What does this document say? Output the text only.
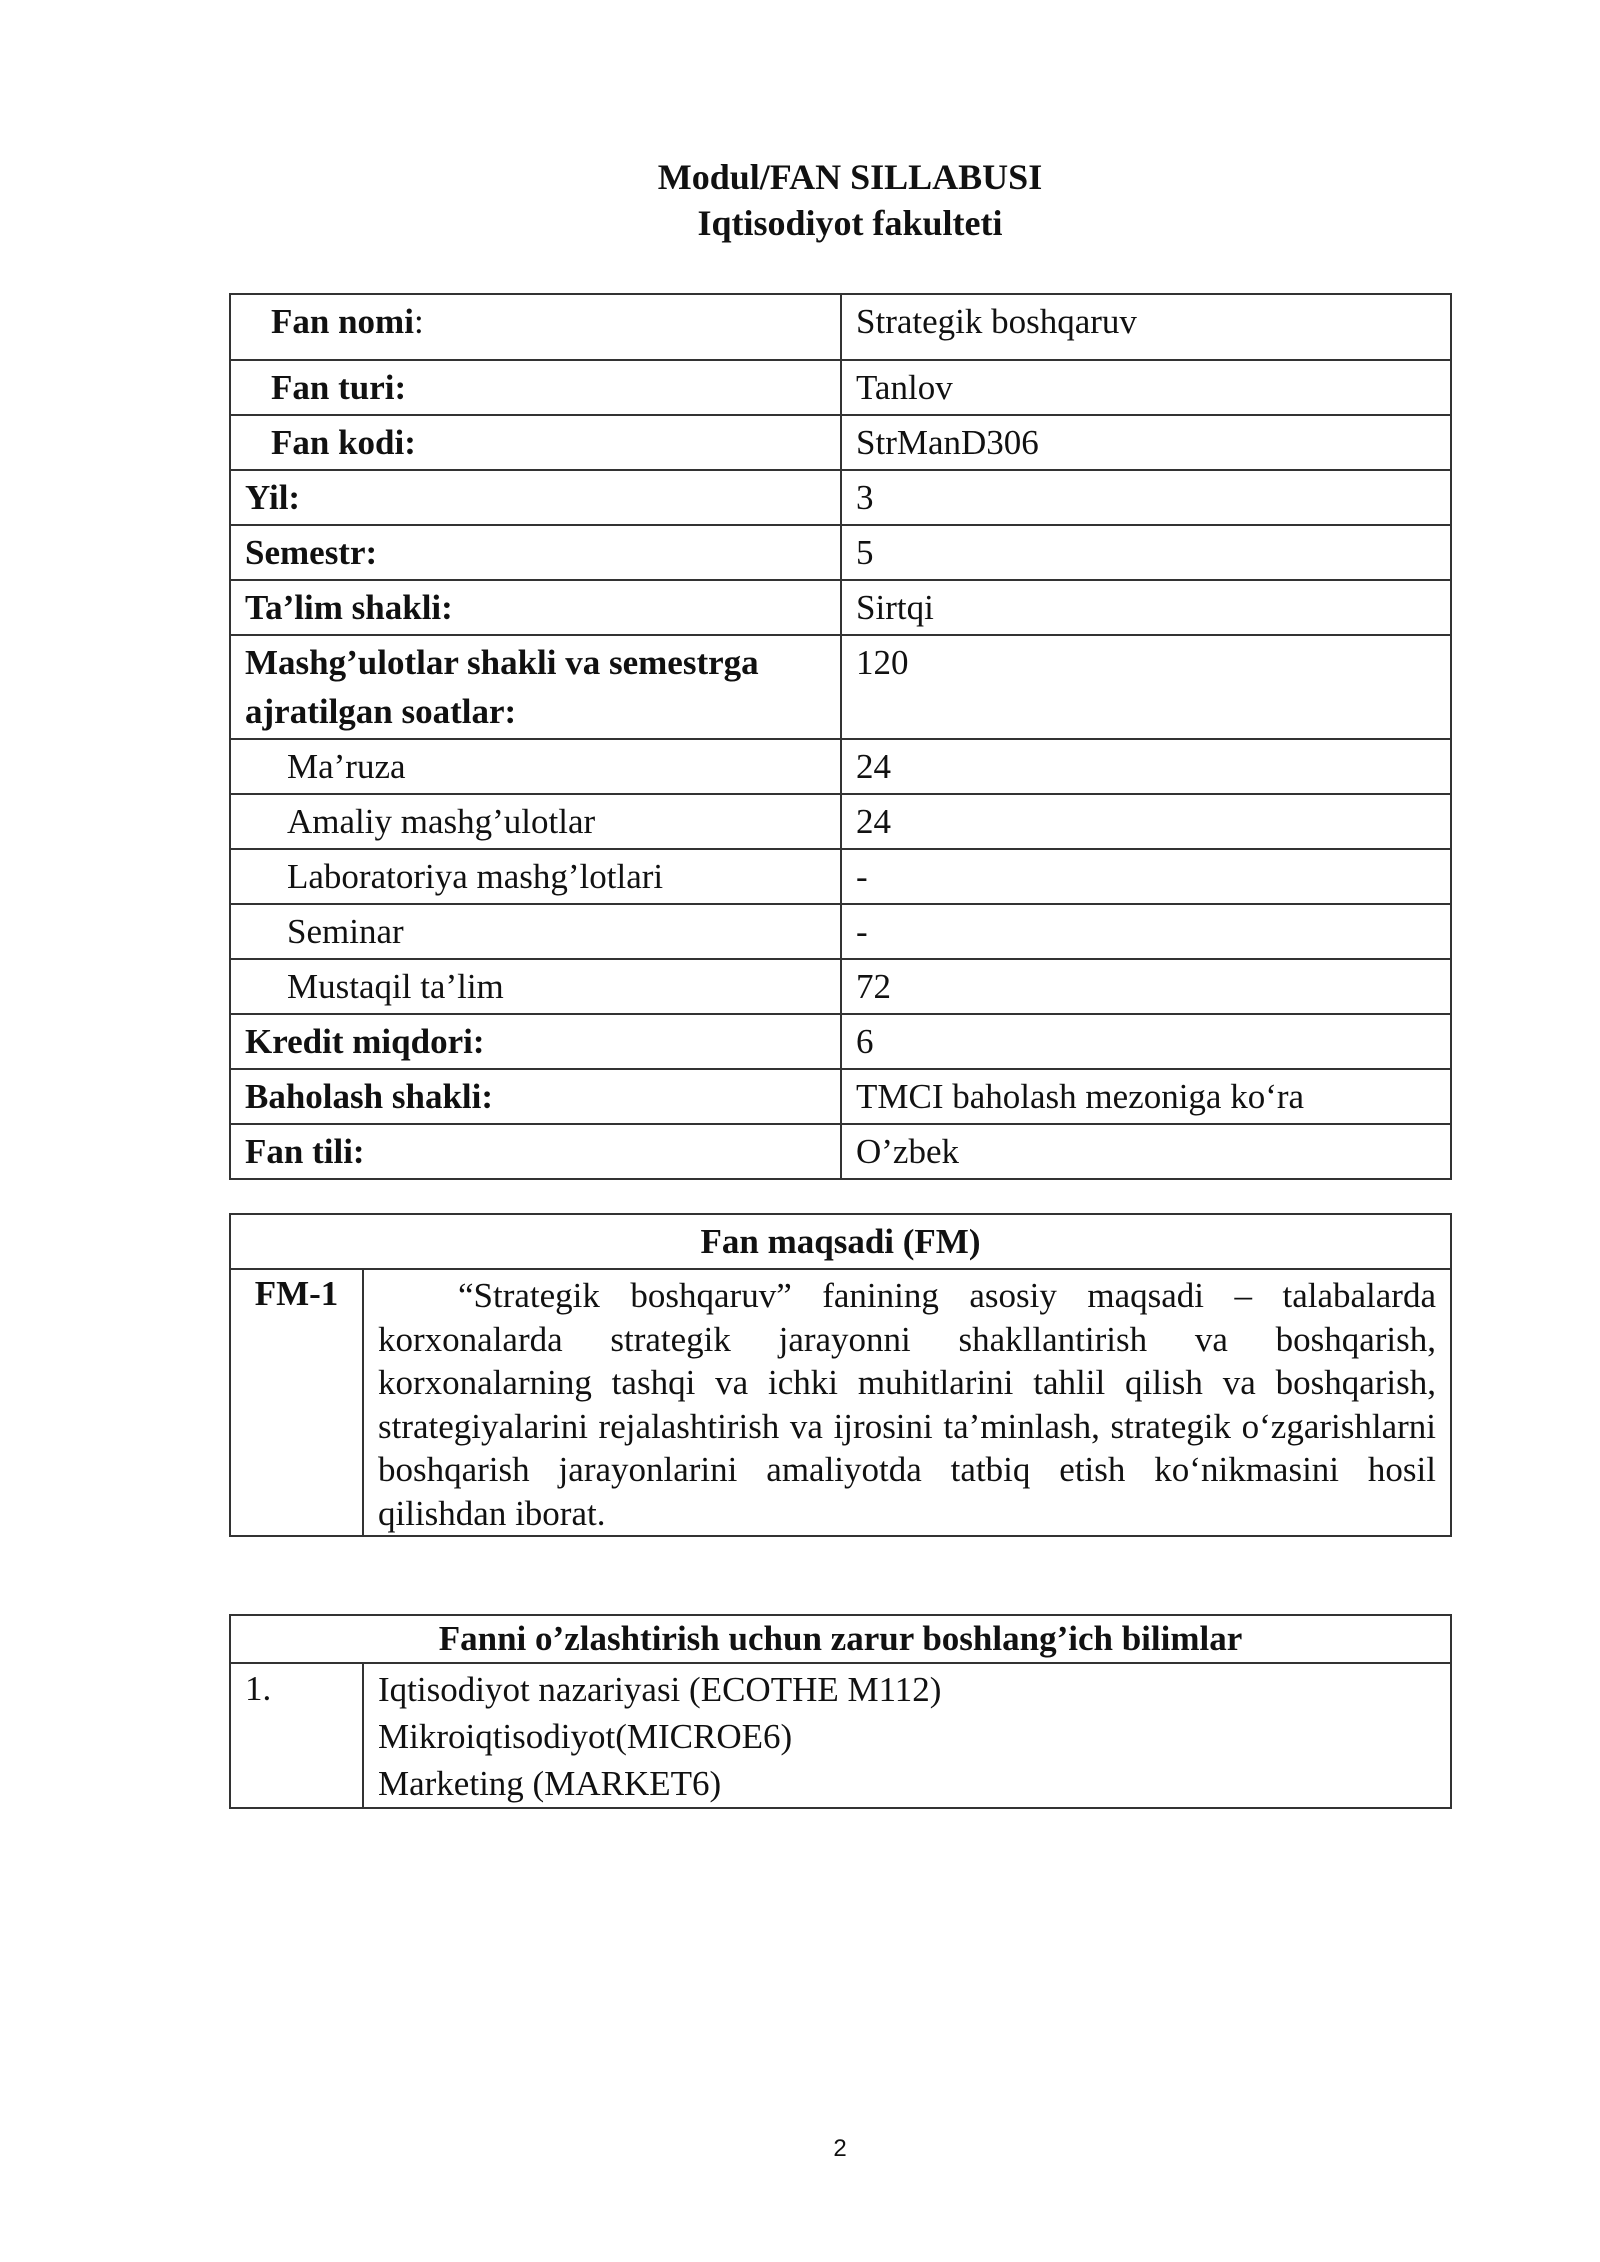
Modul/FAN SILLABUSI
Iqtisodiyot fakulteti
Fan nomi:	Strategik boshqaruv
Fan turi:	Tanlov
Fan kodi:	StrManD306
Yil:	3
Semestr:	5
Ta’lim shakli:	Sirtqi
Mashg’ulotlar shakli va semestrga ajratilgan soatlar:	120
Ma’ruza	24
Amaliy mashg’ulotlar	24
Laboratoriya mashg’lotlari	-
Seminar	-
Mustaqil ta’lim	72
Kredit miqdori:	6
Baholash shakli:	TMCI baholash mezoniga ko‘ra
Fan tili:	O’zbek
Fan maqsadi (FM)
FM-1	“Strategik boshqaruv” fanining asosiy maqsadi – talabalarda korxonalarda strategik jarayonni shakllantirish va boshqarish, korxonalarning tashqi va ichki muhitlarini tahlil qilish va boshqarish, strategiyalarini rejalashtirish va ijrosini ta’minlash, strategik o‘zgarishlarni boshqarish jarayonlarini amaliyotda tatbiq etish ko‘nikmasini hosil qilishdan iborat.
Fanni o’zlashtirish uchun zarur boshlang’ich bilimlar
1.	Iqtisodiyot nazariyasi (ECOTHE M112)
Mikroiqtisodiyot(MICROE6)
Marketing (MARKET6)
2
